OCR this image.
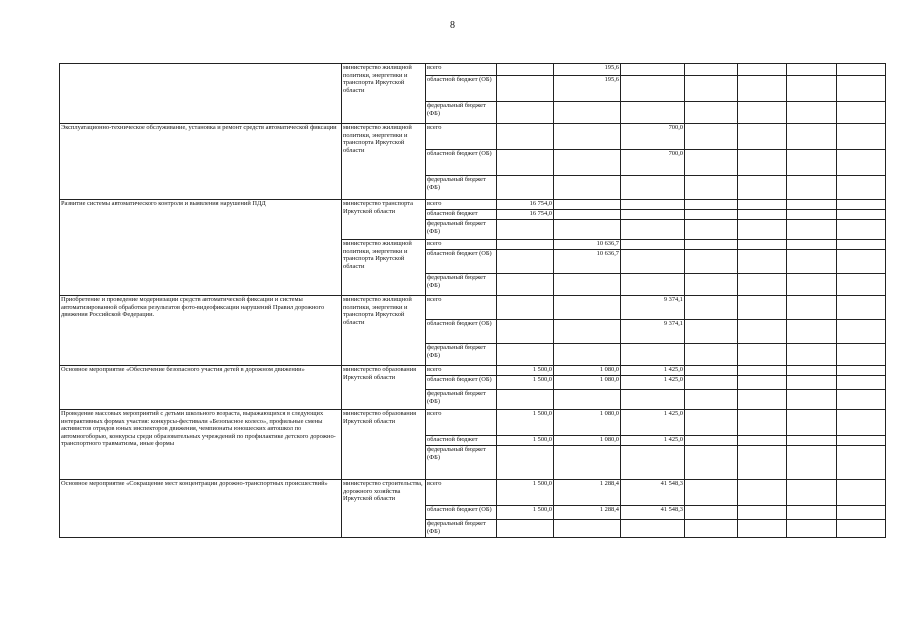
8
	министерство жилищной политики, энергетики и транспорта Иркутской области	всего		195,6					
		областной бюджет (ОБ)		195,6					
		федеральный бюджет (ФБ)							
Эксплуатационно-техническое обслуживание, установка и ремонт средств автоматической фиксации	министерство жилищной политики, энергетики и транспорта Иркутской области	всего			700,0				
		областной бюджет (ОБ)			700,0				
		федеральный бюджет (ФБ)							
Развитие системы автоматического контроля и выявления нарушений ПДД	министерство транспорта Иркутской области	всего	16 754,0						
		областной бюджет	16 754,0						
		федеральный бюджет (ФБ)							
	министерство жилищной политики, энергетики и транспорта Иркутской области	всего		10 636,7					
		областной бюджет (ОБ)		10 636,7					
		федеральный бюджет (ФБ)							
Приобретение и проведение модернизации средств автоматической фиксации и системы автоматизированной обработки результатов фото-видеофиксации нарушений Правил дорожного движения Российской Федерации.	министерство жилищной политики, энергетики и транспорта Иркутской области	всего			9 374,1				
		областной бюджет (ОБ)			9 374,1				
		федеральный бюджет (ФБ)							
Основное мероприятие «Обеспечение безопасного участия детей в дорожном движении»	министерство образования Иркутской области	всего	1 500,0	1 080,0	1 425,0				
		областной бюджет (ОБ)	1 500,0	1 080,0	1 425,0				
		федеральный бюджет (ФБ)							
Проведение массовых мероприятий с детьми школьного возраста, выражающихся в следующих интерактивных формах участия: конкурсы-фестивали «Безопасное колесо», профильные смены активистов отрядов юных инспекторов движения, чемпионаты юношеских автошкол по автомногоборью, конкурсы среди образовательных учреждений по профилактике детского дорожно-транспортного травматизма, иные формы	министерство образования Иркутской области	всего	1 500,0	1 080,0	1 425,0				
		областной бюджет	1 500,0	1 080,0	1 425,0				
		федеральный бюджет (ФБ)							
Основное мероприятие «Сокращение мест концентрации дорожно-транспортных происшествий»	министерство строительства, дорожного хозяйства Иркутской области	всего	1 500,0	1 288,4	41 548,3				
		областной бюджет (ОБ)	1 500,0	1 288,4	41 548,3				
		федеральный бюджет (ФБ)							
